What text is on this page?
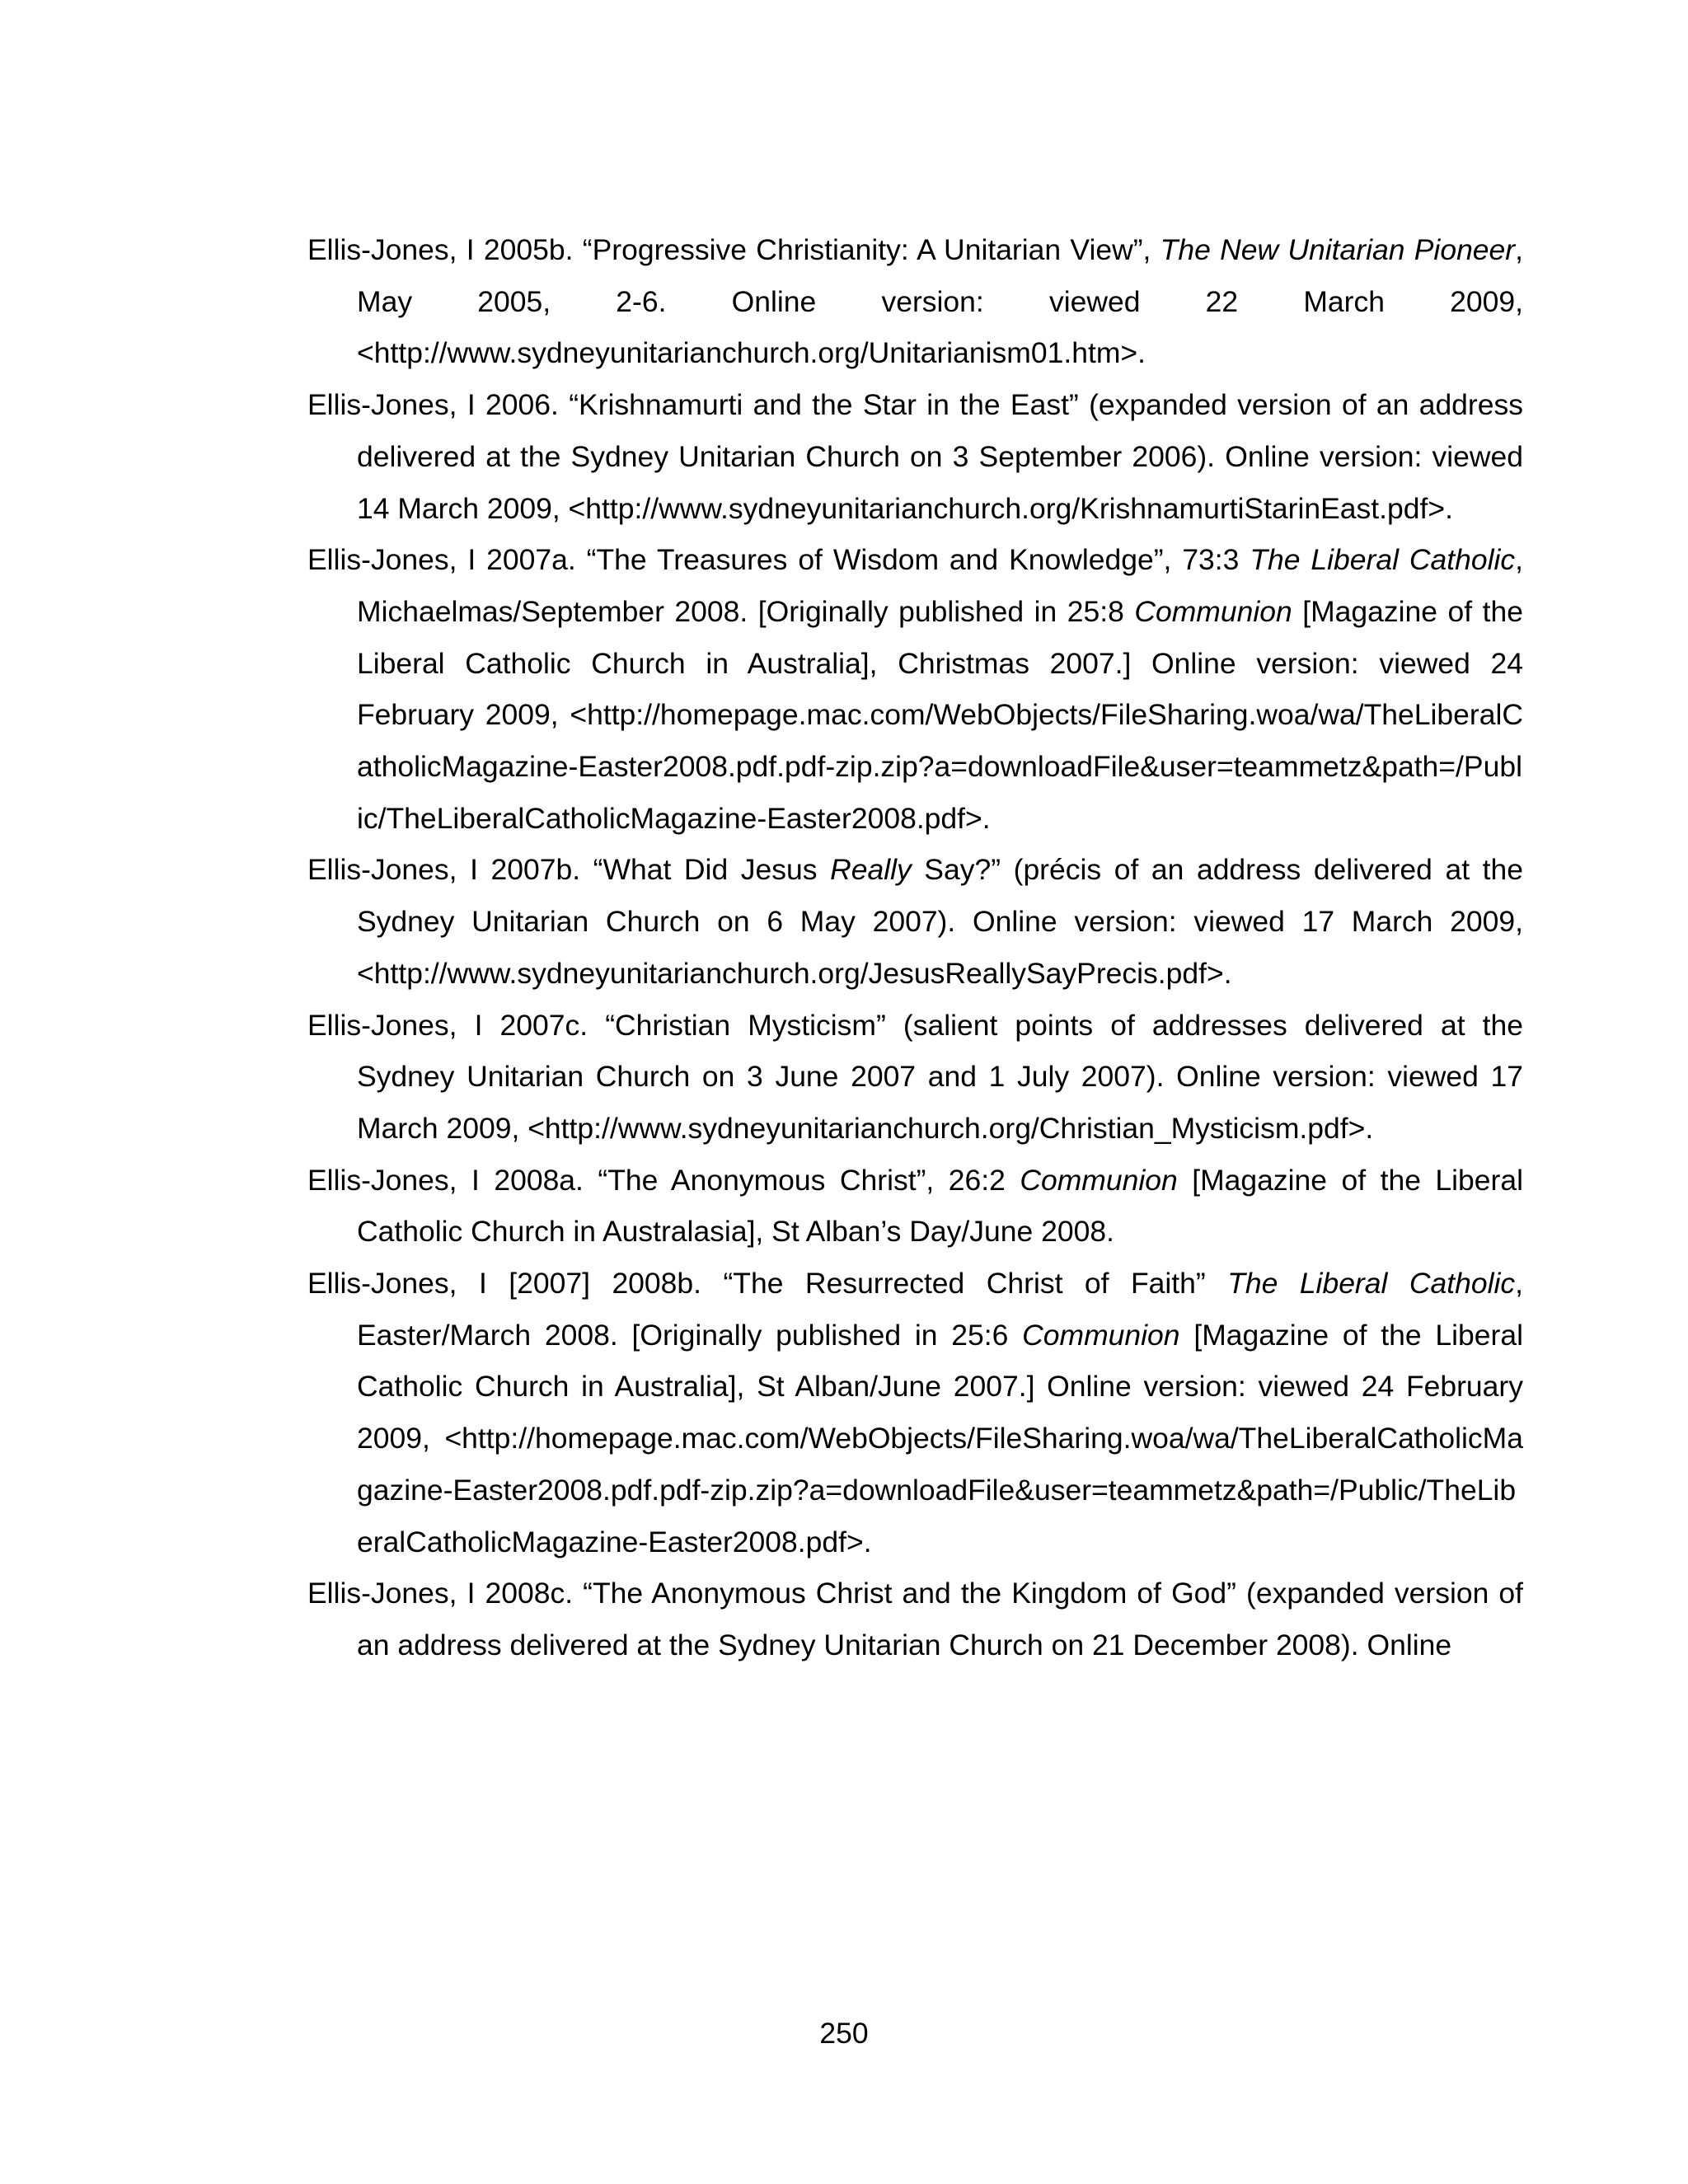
Ellis-Jones, I 2005b. “Progressive Christianity: A Unitarian View”, The New Unitarian Pioneer, May 2005, 2-6. Online version: viewed 22 March 2009, <http://www.sydneyunitarianchurch.org/Unitarianism01.htm>.

Ellis-Jones, I 2006. “Krishnamurti and the Star in the East” (expanded version of an address delivered at the Sydney Unitarian Church on 3 September 2006). Online version: viewed 14 March 2009, <http://www.sydneyunitarianchurch.org/KrishnamurtiStarinEast.pdf>.

Ellis-Jones, I 2007a. “The Treasures of Wisdom and Knowledge”, 73:3 The Liberal Catholic, Michaelmas/September 2008. [Originally published in 25:8 Communion [Magazine of the Liberal Catholic Church in Australia], Christmas 2007.] Online version: viewed 24 February 2009, <http://homepage.mac.com/WebObjects/FileSharing.woa/wa/TheLiberalCatholicMagazine-Easter2008.pdf.pdf-zip.zip?a=downloadFile&user=teammetz&path=/Public/TheLiberalCatholicMagazine-Easter2008.pdf>.

Ellis-Jones, I 2007b. “What Did Jesus Really Say?” (précis of an address delivered at the Sydney Unitarian Church on 6 May 2007). Online version: viewed 17 March 2009, <http://www.sydneyunitarianchurch.org/JesusReallySayPrecis.pdf>.

Ellis-Jones, I 2007c. “Christian Mysticism” (salient points of addresses delivered at the Sydney Unitarian Church on 3 June 2007 and 1 July 2007). Online version: viewed 17 March 2009, <http://www.sydneyunitarianchurch.org/Christian_Mysticism.pdf>.

Ellis-Jones, I 2008a. “The Anonymous Christ”, 26:2 Communion [Magazine of the Liberal Catholic Church in Australasia], St Alban’s Day/June 2008.

Ellis-Jones, I [2007] 2008b. “The Resurrected Christ of Faith” The Liberal Catholic, Easter/March 2008. [Originally published in 25:6 Communion [Magazine of the Liberal Catholic Church in Australia], St Alban/June 2007.] Online version: viewed 24 February 2009, <http://homepage.mac.com/WebObjects/FileSharing.woa/wa/TheLiberalCatholicMagazine-Easter2008.pdf.pdf-zip.zip?a=downloadFile&user=teammetz&path=/Public/TheLiberalCatholicMagazine-Easter2008.pdf>.

Ellis-Jones, I 2008c. “The Anonymous Christ and the Kingdom of God” (expanded version of an address delivered at the Sydney Unitarian Church on 21 December 2008). Online

250
